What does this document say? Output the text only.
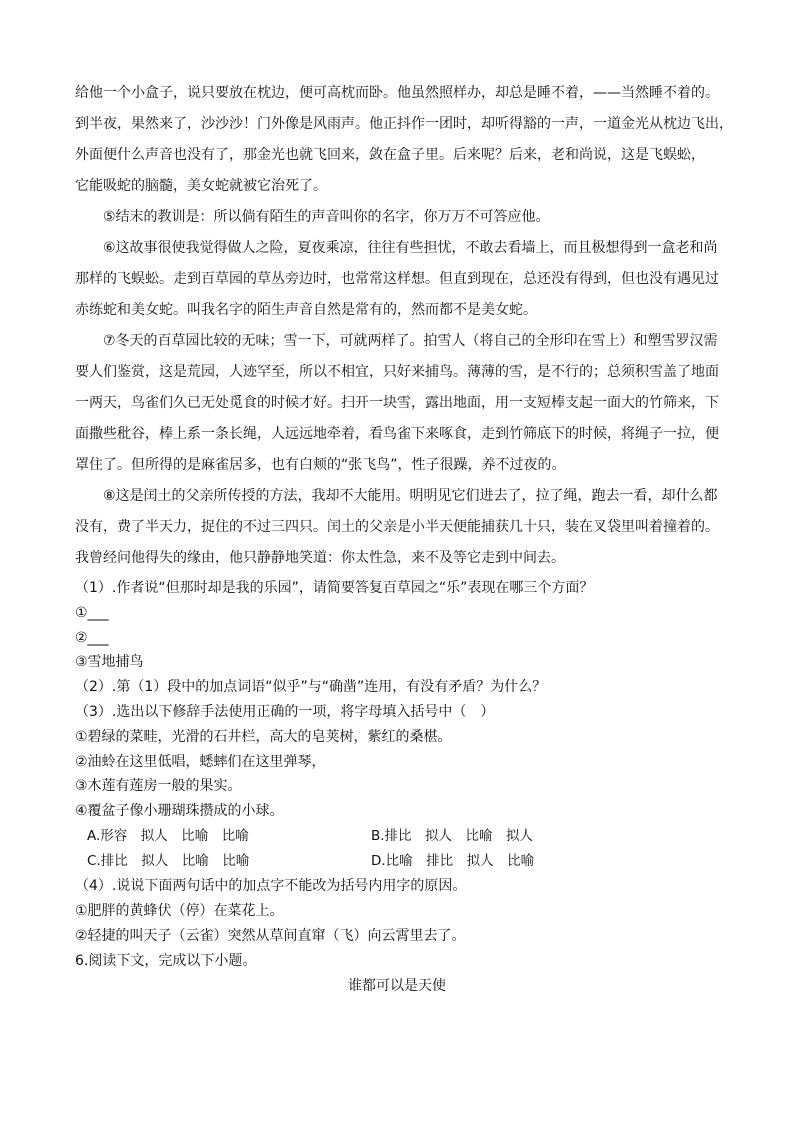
给他一个小盒子，说只要放在枕边，便可高枕而卧。他虽然照样办，却总是睡不着，——当然睡不着的。
到半夜，果然来了，沙沙沙！门外像是风雨声。他正抖作一团时，却听得豁的一声，一道金光从枕边飞出，
外面便什么声音也没有了，那金光也就飞回来，敛在盒子里。后来呢？后来，老和尚说，这是飞蜈蚣，
它能吸蛇的脑髓，美女蛇就被它治死了。
⑤结末的教训是：所以倘有陌生的声音叫你的名字，你万万不可答应他。
⑥这故事很使我觉得做人之险，夏夜乘凉，往往有些担忧，不敢去看墙上，而且极想得到一盒老和尚
那样的飞蜈蚣。走到百草园的草丛旁边时，也常常这样想。但直到现在，总还没有得到，但也没有遇见过
赤练蛇和美女蛇。叫我名字的陌生声音自然是常有的，然而都不是美女蛇。
⑦冬天的百草园比较的无味；雪一下，可就两样了。拍雪人（将自己的全形印在雪上）和塑雪罗汉需
要人们鉴赏，这是荒园，人迹罕至，所以不相宜，只好来捕鸟。薄薄的雪，是不行的；总须积雪盖了地面
一两天，鸟雀们久已无处觅食的时候才好。扫开一块雪，露出地面，用一支短棒支起一面大的竹筛来，下
面撒些秕谷，棒上系一条长绳，人远远地牵着，看鸟雀下来啄食，走到竹筛底下的时候，将绳子一拉，便
罩住了。但所得的是麻雀居多，也有白颊的“张飞鸟”，性子很躁，养不过夜的。
⑧这是闰土的父亲所传授的方法，我却不大能用。明明见它们进去了，拉了绳，跑去一看，却什么都
没有，费了半天力，捉住的不过三四只。闰土的父亲是小半天便能捕获几十只，装在叉袋里叫着撞着的。
我曾经问他得失的缘由，他只静静地笑道：你太性急，来不及等它走到中间去。
（1）.作者说“但那时却是我的乐园”，请简要答复百草园之“乐”表现在哪三个方面？
①___
②___
③雪地捕鸟
（2）.第（1）段中的加点词语“似乎”与“确凿”连用，有没有矛盾？为什么？
（3）.选出以下修辞手法使用正确的一项，将字母填入括号中（　）
①碧绿的菜畦，光滑的石井栏，高大的皂荚树，紫红的桑椹。
②油蛉在这里低唱，蟋蟀们在这里弹琴，
③木莲有莲房一般的果实。
④覆盆子像小珊瑚珠攒成的小球。
A.形容　拟人　比喻　比喻	B.排比　拟人　比喻　拟人
C.排比　拟人　比喻　比喻	D.比喻　排比　拟人　比喻
（4）.说说下面两句话中的加点字不能改为括号内用字的原因。
①肥胖的黄蜂伏（停）在菜花上。
②轻捷的叫天子（云雀）突然从草间直窜（飞）向云霄里去了。
6.阅读下文，完成以下小题。
谁都可以是天使
